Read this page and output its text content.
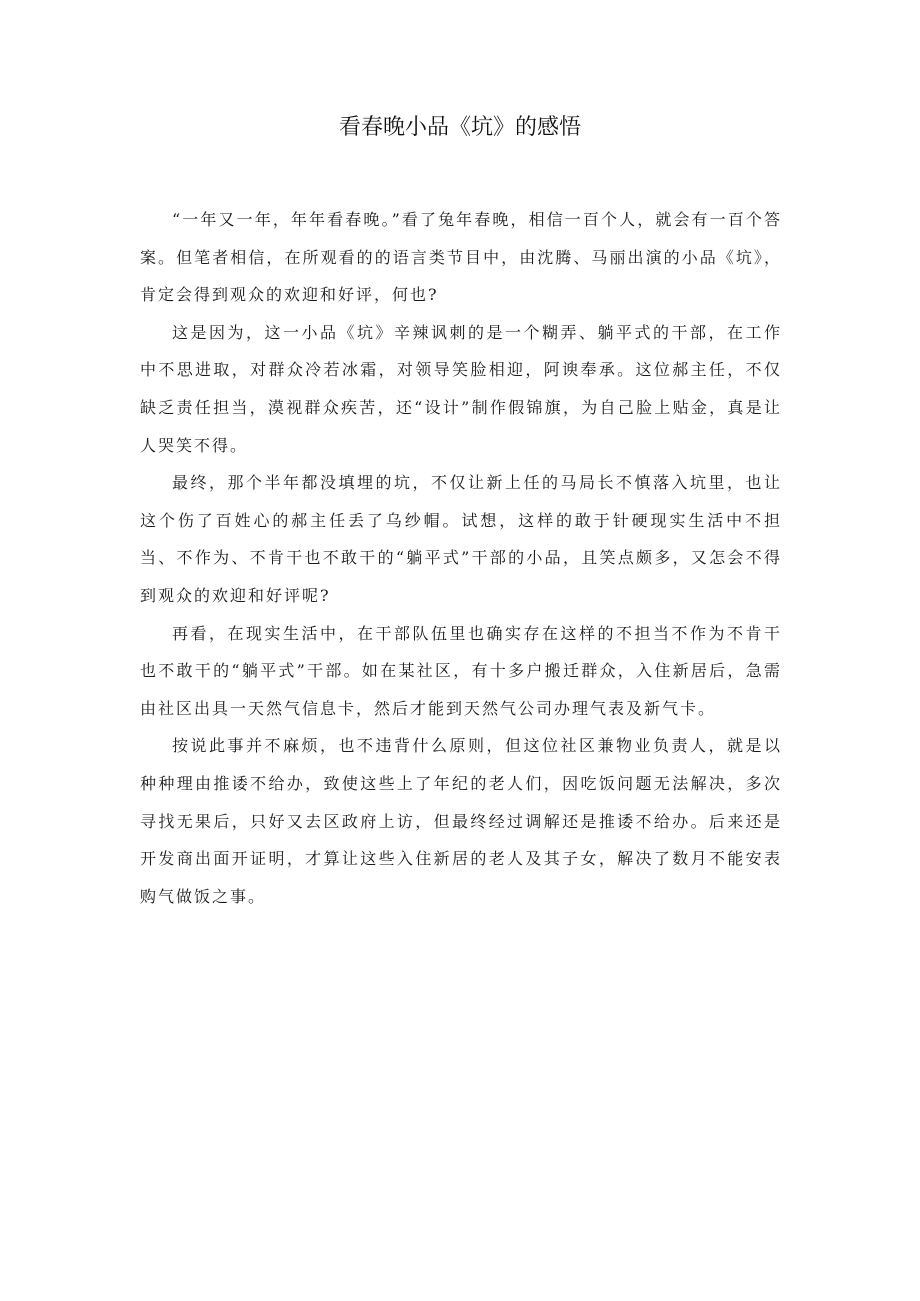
看春晚小品《坑》的感悟

“一年又一年，年年看春晚。”看了兔年春晚，相信一百个人，就会有一百个答案。但笔者相信，在所观看的的语言类节目中，由沈腾、马丽出演的小品《坑》，肯定会得到观众的欢迎和好评，何也?

这是因为，这一小品《坑》辛辣讽刺的是一个糊弄、躺平式的干部，在工作中不思进取，对群众冷若冰霜，对领导笑脸相迎，阿谀奉承。这位郝主任，不仅缺乏责任担当，漠视群众疾苦，还“设计”制作假锦旗，为自己脸上贴金，真是让人哭笑不得。

最终，那个半年都没填埋的坑，不仅让新上任的马局长不慎落入坑里，也让这个伤了百姓心的郝主任丢了乌纱帽。试想，这样的敢于针硬现实生活中不担当、不作为、不肯干也不敢干的“躺平式”干部的小品，且笑点颇多，又怎会不得到观众的欢迎和好评呢?

再看，在现实生活中，在干部队伍里也确实存在这样的不担当不作为不肯干也不敢干的“躺平式”干部。如在某社区，有十多户搬迁群众，入住新居后，急需由社区出具一天然气信息卡，然后才能到天然气公司办理气表及新气卡。

按说此事并不麻烦，也不违背什么原则，但这位社区兼物业负责人，就是以种种理由推诿不给办，致使这些上了年纪的老人们，因吃饭问题无法解决，多次寻找无果后，只好又去区政府上访，但最终经过调解还是推诿不给办。后来还是开发商出面开证明，才算让这些入住新居的老人及其子女，解决了数月不能安表购气做饭之事。
